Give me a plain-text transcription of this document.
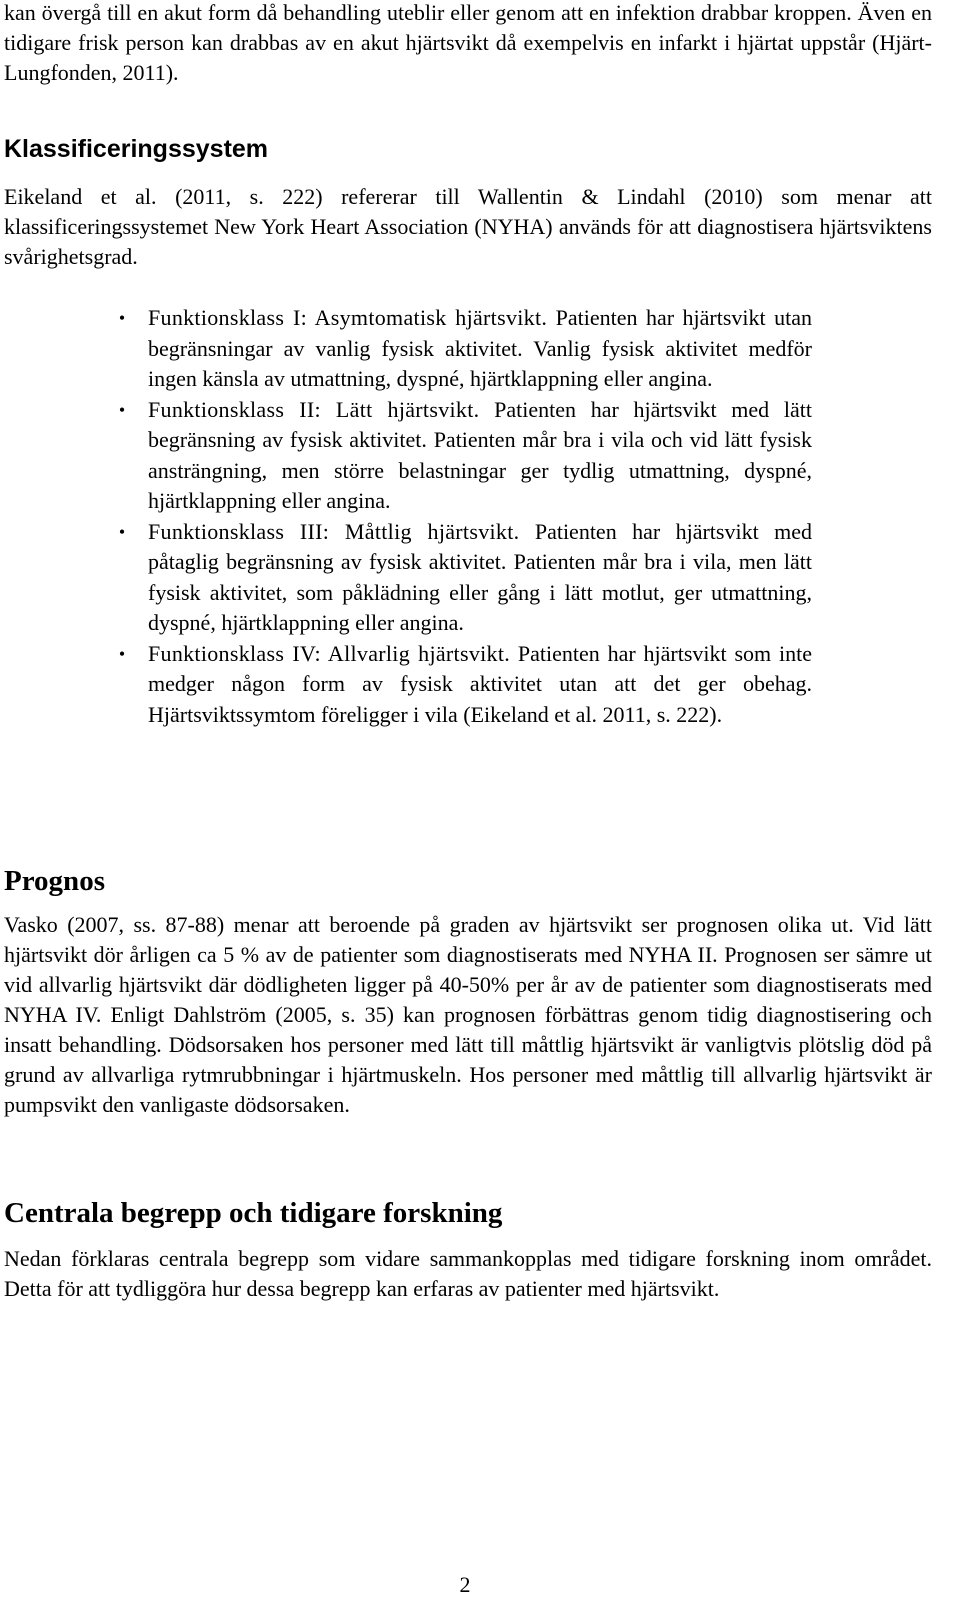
kan övergå till en akut form då behandling uteblir eller genom att en infektion drabbar kroppen. Även en tidigare frisk person kan drabbas av en akut hjärtsvikt då exempelvis en infarkt i hjärtat uppstår (Hjärt-Lungfonden, 2011).

Klassificeringssystem

Eikeland et al. (2011, s. 222) refererar till Wallentin & Lindahl (2010) som menar att klassificeringssystemet New York Heart Association (NYHA) används för att diagnostisera hjärtsviktens svårighetsgrad.

•	Funktionsklass I: Asymtomatisk hjärtsvikt. Patienten har hjärtsvikt utan begränsningar av vanlig fysisk aktivitet. Vanlig fysisk aktivitet medför ingen känsla av utmattning, dyspné, hjärtklappning eller angina.
•	Funktionsklass II: Lätt hjärtsvikt. Patienten har hjärtsvikt med lätt begränsning av fysisk aktivitet. Patienten mår bra i vila och vid lätt fysisk ansträngning, men större belastningar ger tydlig utmattning, dyspné, hjärtklappning eller angina.
•	Funktionsklass III: Måttlig hjärtsvikt. Patienten har hjärtsvikt med påtaglig begränsning av fysisk aktivitet. Patienten mår bra i vila, men lätt fysisk aktivitet, som påklädning eller gång i lätt motlut, ger utmattning, dyspné, hjärtklappning eller angina.
•	Funktionsklass IV: Allvarlig hjärtsvikt. Patienten har hjärtsvikt som inte medger någon form av fysisk aktivitet utan att det ger obehag. Hjärtsviktssymtom föreligger i vila (Eikeland et al. 2011, s. 222).
Prognos

Vasko (2007, ss. 87-88) menar att beroende på graden av hjärtsvikt ser prognosen olika ut. Vid lätt hjärtsvikt dör årligen ca 5 % av de patienter som diagnostiserats med NYHA II. Prognosen ser sämre ut vid allvarlig hjärtsvikt där dödligheten ligger på 40-50% per år av de patienter som diagnostiserats med NYHA IV. Enligt Dahlström (2005, s. 35) kan prognosen förbättras genom tidig diagnostisering och insatt behandling. Dödsorsaken hos personer med lätt till måttlig hjärtsvikt är vanligtvis plötslig död på grund av allvarliga rytmrubbningar i hjärtmuskeln. Hos personer med måttlig till allvarlig hjärtsvikt är pumpsvikt den vanligaste dödsorsaken.

Centrala begrepp och tidigare forskning

Nedan förklaras centrala begrepp som vidare sammankopplas med tidigare forskning inom området. Detta för att tydliggöra hur dessa begrepp kan erfaras av patienter med hjärtsvikt.

2
